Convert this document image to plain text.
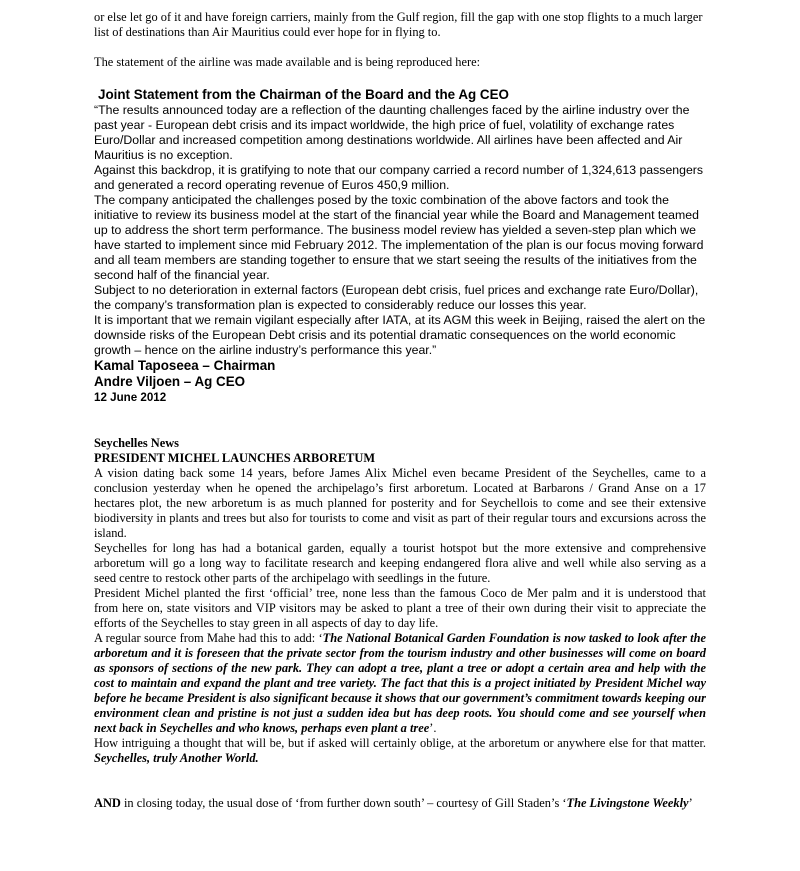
or else let go of it and have foreign carriers, mainly from the Gulf region, fill the gap with one stop flights to a much larger list of destinations than Air Mauritius could ever hope for in flying to.

The statement of the airline was made available and is being reproduced here:

Joint Statement from the Chairman of the Board and the Ag CEO

“The results announced today are a reflection of the daunting challenges faced by the airline industry over the past year - European debt crisis and its impact worldwide, the high price of fuel, volatility of exchange rates Euro/Dollar and increased competition among destinations worldwide. All airlines have been affected and Air Mauritius is no exception.

Against this backdrop, it is gratifying to note that our company carried a record number of 1,324,613 passengers and generated a record operating revenue of Euros 450,9 million.

The company anticipated the challenges posed by the toxic combination of the above factors and took the initiative to review its business model at the start of the financial year while the Board and Management teamed up to address the short term performance. The business model review has yielded a seven-step plan which we have started to implement since mid February 2012. The implementation of the plan is our focus moving forward and all team members are standing together to ensure that we start seeing the results of the initiatives from the second half of the financial year.

Subject to no deterioration in external factors (European debt crisis, fuel prices and exchange rate Euro/Dollar), the company’s transformation plan is expected to considerably reduce our losses this year.

It is important that we remain vigilant especially after IATA, at its AGM this week in Beijing, raised the alert on the downside risks of the European Debt crisis and its potential dramatic consequences on the world economic growth – hence on the airline industry’s performance this year.”

Kamal Taposeea – Chairman

Andre Viljoen – Ag CEO

12 June 2012

Seychelles News

PRESIDENT MICHEL LAUNCHES ARBORETUM

A vision dating back some 14 years, before James Alix Michel even became President of the Seychelles, came to a conclusion yesterday when he opened the archipelago’s first arboretum. Located at Barbarons / Grand Anse on a 17 hectares plot, the new arboretum is as much planned for posterity and for Seychellois to come and see their extensive biodiversity in plants and trees but also for tourists to come and visit as part of their regular tours and excursions across the island.

Seychelles for long has had a botanical garden, equally a tourist hotspot but the more extensive and comprehensive arboretum will go a long way to facilitate research and keeping endangered flora alive and well while also serving as a seed centre to restock other parts of the archipelago with seedlings in the future.

President Michel planted the first ‘official’ tree, none less than the famous Coco de Mer palm and it is understood that from here on, state visitors and VIP visitors may be asked to plant a tree of their own during their visit to appreciate the efforts of the Seychelles to stay green in all aspects of day to day life.

A regular source from Mahe had this to add: ‘The National Botanical Garden Foundation is now tasked to look after the arboretum and it is foreseen that the private sector from the tourism industry and other businesses will come on board as sponsors of sections of the new park. They can adopt a tree, plant a tree or adopt a certain area and help with the cost to maintain and expand the plant and tree variety. The fact that this is a project initiated by President Michel way before he became President is also significant because it shows that our government’s commitment towards keeping our environment clean and pristine is not just a sudden idea but has deep roots. You should come and see yourself when next back in Seychelles and who knows, perhaps even plant a tree’.

How intriguing a thought that will be, but if asked will certainly oblige, at the arboretum or anywhere else for that matter. Seychelles, truly Another World.

AND in closing today, the usual dose of ‘from further down south’ – courtesy of Gill Staden’s ‘The Livingstone Weekly’
